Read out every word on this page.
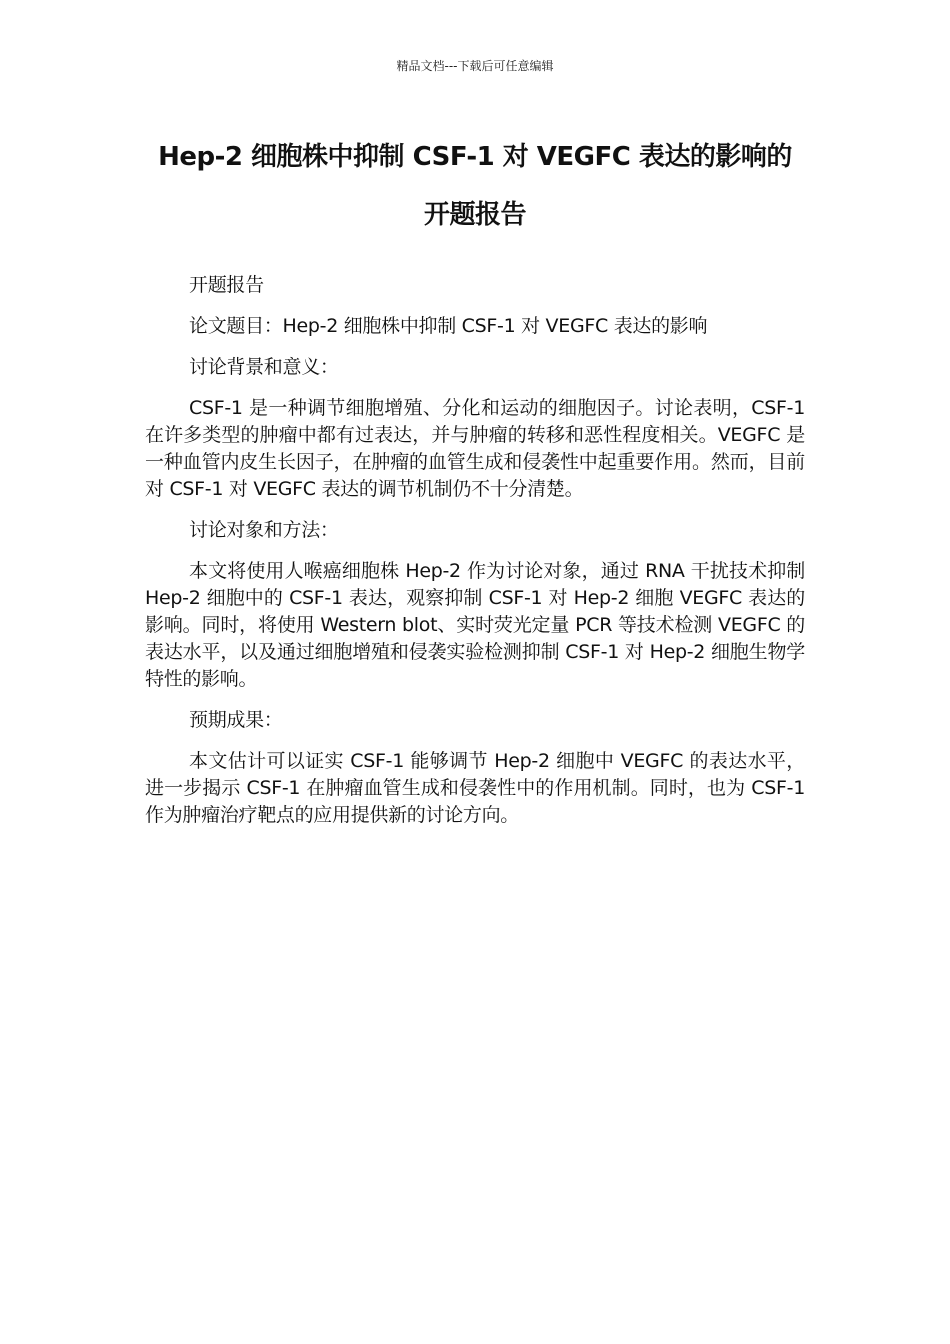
精品文档---下载后可任意编辑
Hep-2 细胞株中抑制 CSF-1 对 VEGFC 表达的影响的
开题报告

开题报告

论文题目：Hep-2 细胞株中抑制 CSF-1 对 VEGFC 表达的影响

讨论背景和意义：

CSF-1 是一种调节细胞增殖、分化和运动的细胞因子。讨论表明，CSF-1 在许多类型的肿瘤中都有过表达，并与肿瘤的转移和恶性程度相关。VEGFC 是一种血管内皮生长因子，在肿瘤的血管生成和侵袭性中起重要作用。然而，目前对 CSF-1 对 VEGFC 表达的调节机制仍不十分清楚。

讨论对象和方法：

本文将使用人喉癌细胞株 Hep-2 作为讨论对象，通过 RNA 干扰技术抑制 Hep-2 细胞中的 CSF-1 表达，观察抑制 CSF-1 对 Hep-2 细胞 VEGFC 表达的影响。同时，将使用 Western blot、实时荧光定量 PCR 等技术检测 VEGFC 的表达水平，以及通过细胞增殖和侵袭实验检测抑制 CSF-1 对 Hep-2 细胞生物学特性的影响。

预期成果：

本文估计可以证实 CSF-1 能够调节 Hep-2 细胞中 VEGFC 的表达水平，进一步揭示 CSF-1 在肿瘤血管生成和侵袭性中的作用机制。同时，也为 CSF-1 作为肿瘤治疗靶点的应用提供新的讨论方向。
